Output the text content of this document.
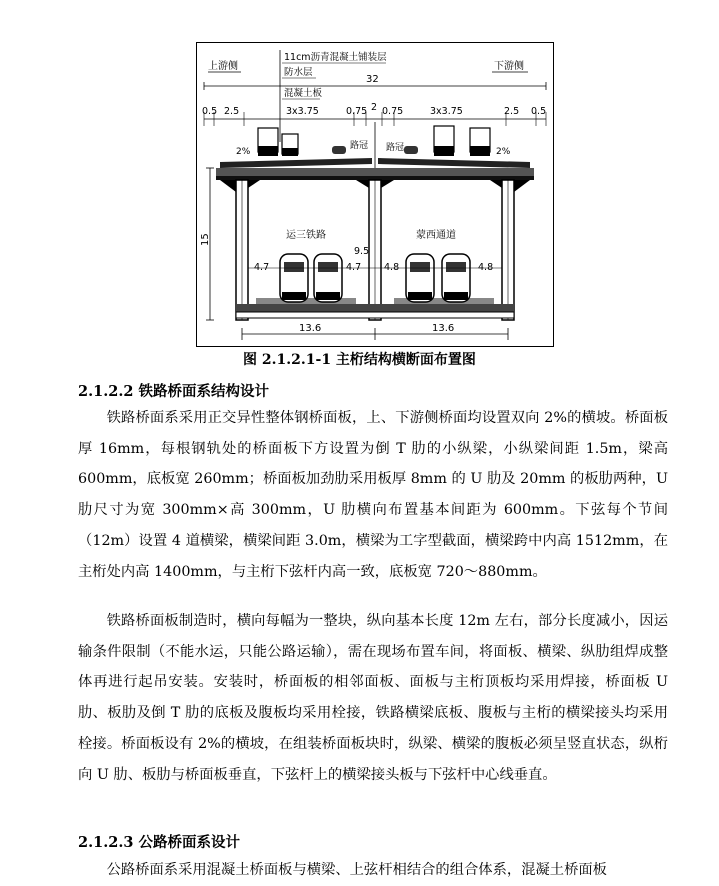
上游侧	下游侧
11cm沥青混凝土铺装层
防水层
混凝土板
32
0.5 2.5	3x3.75	0.75 2 0.75	3x3.75	2.5 0.5
2%	2%
路冠 路冠
15	运三铁路	蒙西通道
9.5
4.7	4.7 4.8	4.8
13.6	13.6
图 2.1.2.1-1 主桁结构横断面布置图
2.1.2.2 铁路桥面系结构设计
铁路桥面系采用正交异性整体钢桥面板，上、下游侧桥面均设置双向 2%的横坡。桥面板厚 16mm，每根钢轨处的桥面板下方设置为倒 T 肋的小纵梁，小纵梁间距 1.5m，梁高 600mm，底板宽 260mm；桥面板加劲肋采用板厚 8mm 的 U 肋及 20mm 的板肋两种，U 肋尺寸为宽 300mm×高 300mm，U 肋横向布置基本间距为 600mm。下弦每个节间（12m）设置 4 道横梁，横梁间距 3.0m，横梁为工字型截面，横梁跨中内高 1512mm，在主桁处内高 1400mm，与主桁下弦杆内高一致，底板宽 720～880mm。
铁路桥面板制造时，横向每幅为一整块，纵向基本长度 12m 左右，部分长度减小，因运输条件限制（不能水运，只能公路运输），需在现场布置车间，将面板、横梁、纵肋组焊成整体再进行起吊安装。安装时，桥面板的相邻面板、面板与主桁顶板均采用焊接，桥面板 U 肋、板肋及倒 T 肋的底板及腹板均采用栓接，铁路横梁底板、腹板与主桁的横梁接头均采用栓接。桥面板设有 2%的横坡，在组装桥面板块时，纵梁、横梁的腹板必须呈竖直状态，纵桁向 U 肋、板肋与桥面板垂直，下弦杆上的横梁接头板与下弦杆中心线垂直。
2.1.2.3 公路桥面系设计
公路桥面系采用混凝土桥面板与横梁、上弦杆相结合的组合体系，混凝土桥面板
